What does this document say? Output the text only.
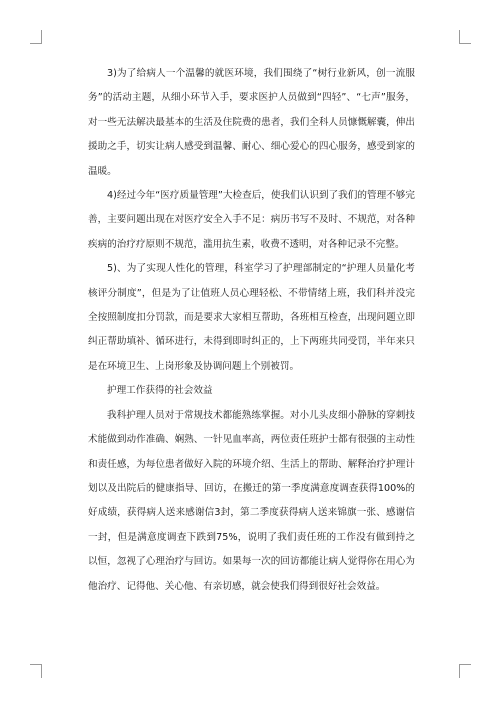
3)为了给病人一个温馨的就医环境，我们围绕了“树行业新风，创一流服务”的活动主题，从细小环节入手，要求医护人员做到“四轻”、“七声”服务，对一些无法解决最基本的生活及住院费的患者，我们全科人员慷慨解囊，伸出援助之手，切实让病人感受到温馨、耐心、细心爱心的四心服务，感受到家的温暖。

4)经过今年“医疗质量管理”大检查后，使我们认识到了我们的管理不够完善，主要问题出现在对医疗安全入手不足：病历书写不及时、不规范，对各种疾病的治疗疗原则不规范，滥用抗生素，收费不透明，对各种记录不完整。

5)、为了实现人性化的管理，科室学习了护理部制定的“护理人员量化考核评分制度”，但是为了让值班人员心理轻松、不带情绪上班，我们科并没完全按照制度扣分罚款，而是要求大家相互帮助，各班相互检查，出现问题立即纠正帮助填补、循环进行，未得到即时纠正的，上下两班共同受罚，半年来只是在环境卫生、上岗形象及协调问题上个别被罚。

护理工作获得的社会效益

我科护理人员对于常规技术都能熟练掌握。对小儿头皮细小静脉的穿刺技术能做到动作准确、娴熟、一针见血率高，两位责任班护士都有很强的主动性和责任感，为每位患者做好入院的环境介绍、生活上的帮助、解释治疗护理计划以及出院后的健康指导、回访，在搬迁的第一季度满意度调查获得100%的好成绩，获得病人送来感谢信3封，第二季度获得病人送来锦旗一张、感谢信一封，但是满意度调查下跌到75%，说明了我们责任班的工作没有做到持之以恒，忽视了心理治疗与回访。如果每一次的回访都能让病人觉得你在用心为他治疗、记得他、关心他、有亲切感，就会使我们得到很好社会效益。
